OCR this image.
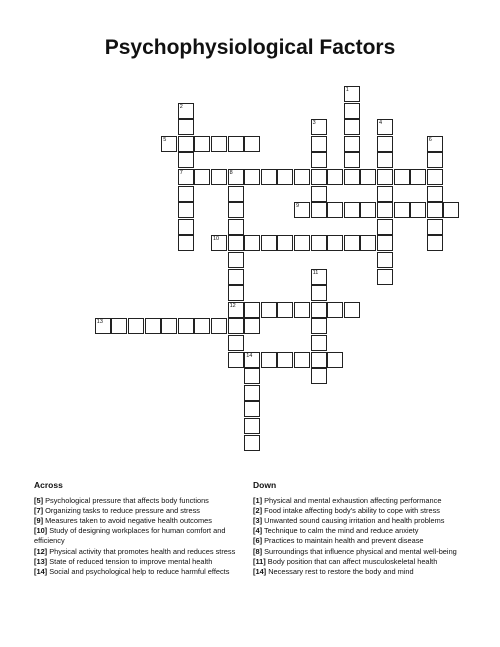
Psychophysiological Factors
1
2
7
3	4
5	6
8
12
9
10
11
13
14
Across
[5] Psychological pressure that affects body functions
[7] Organizing tasks to reduce pressure and stress
[9] Measures taken to avoid negative health outcomes
[10] Study of designing workplaces for human comfort and efficiency
[12] Physical activity that promotes health and reduces stress
[13] State of reduced tension to improve mental health
[14] Social and psychological help to reduce harmful effects
Down
[1] Physical and mental exhaustion affecting performance
[2] Food intake affecting body's ability to cope with stress
[3] Unwanted sound causing irritation and health problems
[4] Technique to calm the mind and reduce anxiety
[6] Practices to maintain health and prevent disease
[8] Surroundings that influence physical and mental well-being
[11] Body position that can affect musculoskeletal health
[14] Necessary rest to restore the body and mind
